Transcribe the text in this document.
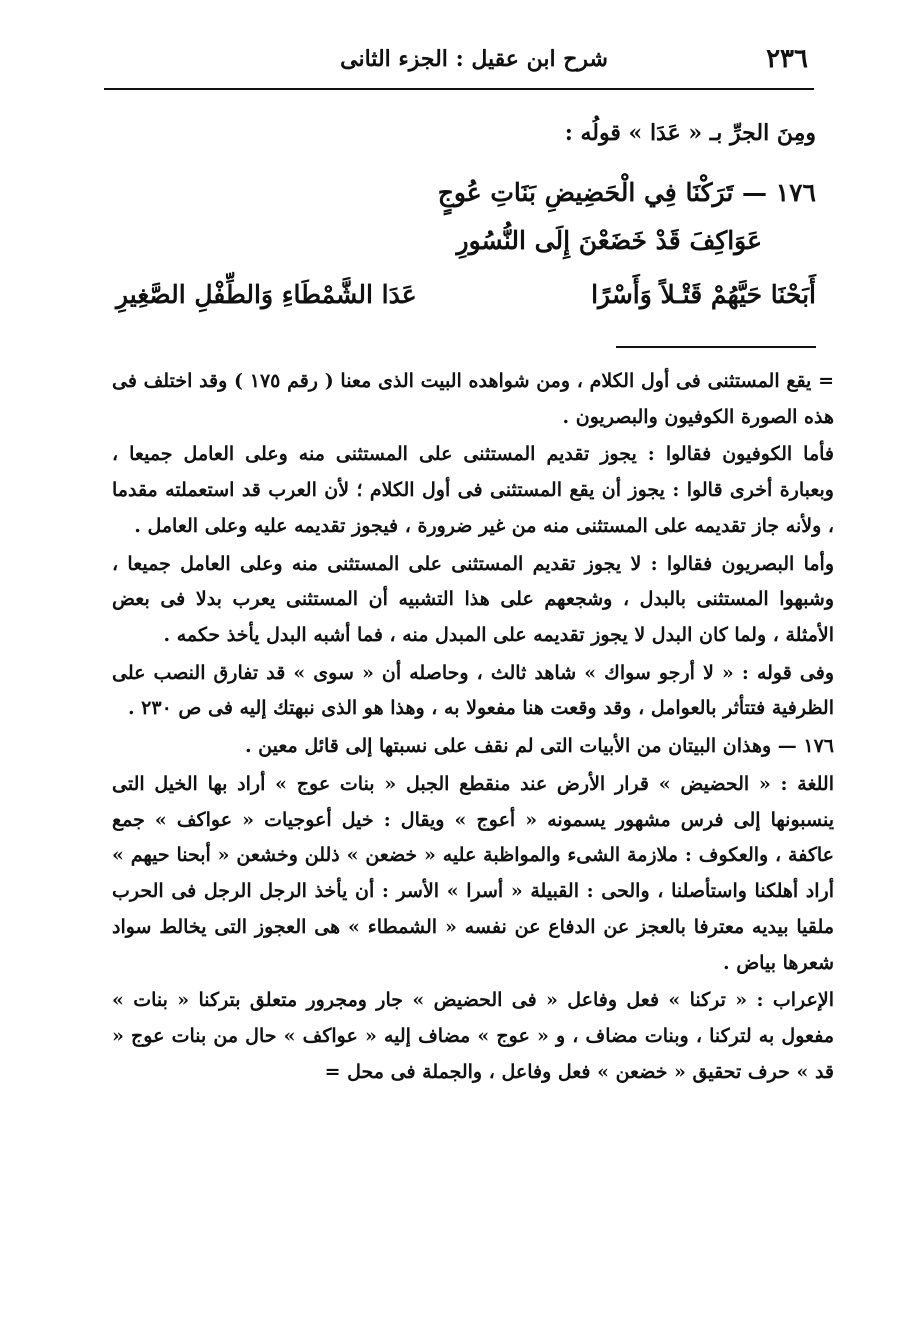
٢٣٦
شرح ابن عقيل : الجزء الثانى
ومِنَ الجرِّ بـ « عَدَا » قولُه :
١٧٦ — تَرَكْنَا فِي الْحَضِيضِ بَنَاتِ عُوجٍ
عَوَاكِفَ قَدْ خَضَعْنَ إِلَى النُّسُورِ
أَبَحْنَا حَيَّهُمْ قَتْـلاً وَأَسْرًا
عَدَا الشَّمْطَاءِ وَالطِّفْلِ الصَّغِيرِ

= يقع المستثنى فى أول الكلام ، ومن شواهده البيت الذى معنا ( رقم ١٧٥ ) وقد اختلف فى هذه الصورة الكوفيون والبصريون .

فأما الكوفيون فقالوا : يجوز تقديم المستثنى على المستثنى منه وعلى العامل جميعا ، وبعبارة أخرى قالوا : يجوز أن يقع المستثنى فى أول الكلام ؛ لأن العرب قد استعملته مقدما ، ولأنه جاز تقديمه على المستثنى منه من غير ضرورة ، فيجوز تقديمه عليه وعلى العامل .

وأما البصريون فقالوا : لا يجوز تقديم المستثنى على المستثنى منه وعلى العامل جميعا ، وشبهوا المستثنى بالبدل ، وشجعهم على هذا التشبيه أن المستثنى يعرب بدلا فى بعض الأمثلة ، ولما كان البدل لا يجوز تقديمه على المبدل منه ، فما أشبه البدل يأخذ حكمه .

وفى قوله : « لا أرجو سواك » شاهد ثالث ، وحاصله أن « سوى » قد تفارق النصب على الظرفية فتتأثر بالعوامل ، وقد وقعت هنا مفعولا به ، وهذا هو الذى نبهتك إليه فى ص ٢٣٠ .

١٧٦ — وهذان البيتان من الأبيات التى لم نقف على نسبتها إلى قائل معين .

اللغة : « الحضيض » قرار الأرض عند منقطع الجبل « بنات عوج » أراد بها الخيل التى ينسبونها إلى فرس مشهور يسمونه « أعوج » ويقال : خيل أعوجيات « عواكف » جمع عاكفة ، والعكوف : ملازمة الشىء والمواظبة عليه « خضعن » ذللن وخشعن « أبحنا حيهم » أراد أهلكنا واستأصلنا ، والحى : القبيلة « أسرا » الأسر : أن يأخذ الرجل الرجل فى الحرب ملقيا بيديه معترفا بالعجز عن الدفاع عن نفسه « الشمطاء » هى العجوز التى يخالط سواد شعرها بياض .

الإعراب : « تركنا » فعل وفاعل « فى الحضيض » جار ومجرور متعلق بتركنا « بنات » مفعول به لتركنا ، وبنات مضاف ، و « عوج » مضاف إليه « عواكف » حال من بنات عوج « قد » حرف تحقيق « خضعن » فعل وفاعل ، والجملة فى محل =
